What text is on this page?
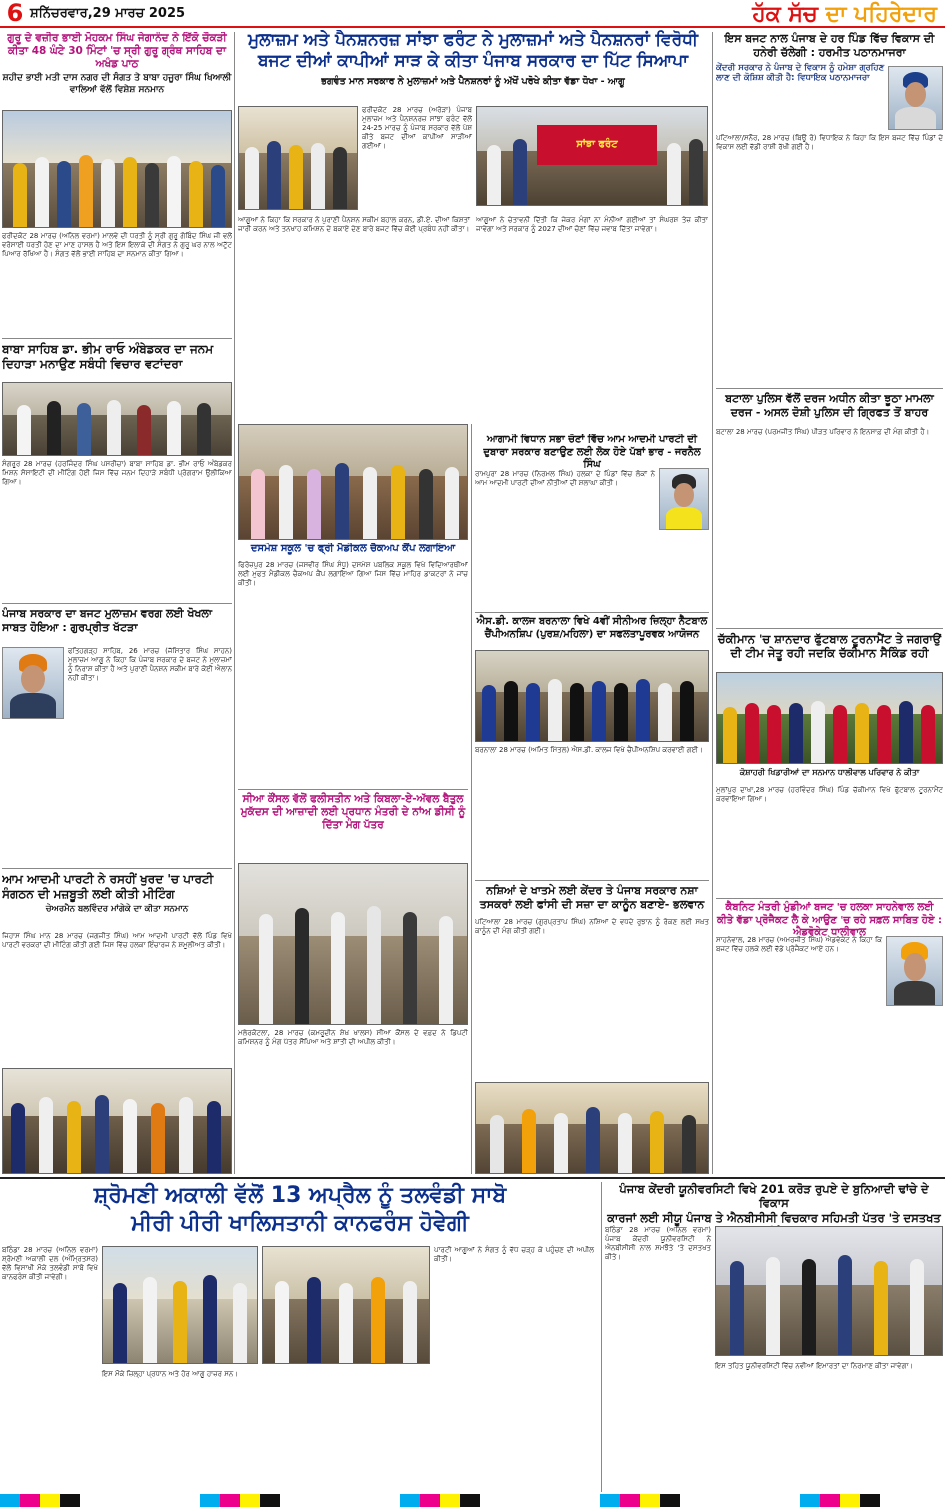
6 ਸ਼ਨਿੱਚਰਵਾਰ,29 ਮਾਰਚ 2025	ਹੱਕ ਸੱਚ ਦਾ ਪਹਿਰੇਦਾਰ
ਗੁਰੂ ਦੇ ਵਜ਼ੀਰ ਭਾਈ ਮੋਹਕਮ ਸਿੰਘ ਜੇਗਾਨੰਦ ਨੇ ਇੱਕੋ ਚੌਕੜੀ ਕੀਤਾ 48 ਘੰਟੇ 30 ਮਿੰਟਾਂ 'ਚ ਸ੍ਰੀ ਗੁਰੂ ਗ੍ਰੰਥ ਸਾਹਿਬ ਦਾ ਅਖੰਡ ਪਾਠ
ਸ਼ਹੀਦ ਭਾਈ ਮਤੀ ਦਾਸ ਨਗਰ ਦੀ ਸੰਗਤ ਤੇ ਬਾਬਾ ਹਜੂਰਾ ਸਿੰਘ ਖਿਆਲੀ ਵਾਲਿਆਂ ਵੱਲੋਂ ਵਿਸ਼ੇਸ਼ ਸਨਮਾਨ
ਫਰੀਦਕੋਟ 28 ਮਾਰਚ (ਅਨਿਲ ਵਰਮਾ) ਮਾਲਵੇ ਦੀ ਧਰਤੀ ਨੂੰ ਸ੍ਰੀ ਗੁਰੂ ਗੋਬਿੰਦ ਸਿੰਘ ਜੀ ਵਲੋਂ ਵਰੋਸਾਈ ਧਰਤੀ ਹੋਣ ਦਾ ਮਾਣ ਹਾਸਲ ਹੈ ਅਤੇ ਇਸ ਇਲਾਕੇ ਦੀ ਸੰਗਤ ਨੇ ਗੁਰੂ ਘਰ ਨਾਲ ਅਟੁੱਟ ਪਿਆਰ ਰੱਖਿਆ ਹੈ। ਸੰਗਤ ਵੱਲੋਂ ਭਾਈ ਸਾਹਿਬ ਦਾ ਸਨਮਾਨ ਕੀਤਾ ਗਿਆ।
ਬਾਬਾ ਸਾਹਿਬ ਡਾ. ਭੀਮ ਰਾਓ ਅੰਬੇਡਕਰ ਦਾ ਜਨਮ ਦਿਹਾੜਾ ਮਨਾਉਣ ਸਬੰਧੀ ਵਿਚਾਰ ਵਟਾਂਦਰਾ
ਸੰਗਰੂਰ 28 ਮਾਰਚ (ਹਰਜਿੰਦਰ ਸਿੰਘ ਪਸਰੀਚਾ) ਬਾਬਾ ਸਾਹਿਬ ਡਾ. ਭੀਮ ਰਾਓ ਅੰਬੇਡਕਰ ਮਿਸ਼ਨ ਸੋਸਾਇਟੀ ਦੀ ਮੀਟਿੰਗ ਹੋਈ ਜਿਸ ਵਿੱਚ ਜਨਮ ਦਿਹਾੜੇ ਸਬੰਧੀ ਪ੍ਰੋਗਰਾਮ ਉਲੀਕਿਆ ਗਿਆ।
ਪੰਜਾਬ ਸਰਕਾਰ ਦਾ ਬਜਟ ਮੁਲਾਜ਼ਮ ਵਰਗ ਲਈ ਖੋਖਲਾ ਸਾਬਤ ਹੋਇਆ : ਗੁਰਪ੍ਰੀਤ ਖੱਟੜਾ
ਫਤਿਹਗੜ੍ਹ ਸਾਹਿਬ, 26 ਮਾਰਚ (ਜੱਸਿਤਾਰ ਸਿੰਘ ਸਾਹਨ) ਮੁਲਾਜ਼ਮ ਆਗੂ ਨੇ ਕਿਹਾ ਕਿ ਪੰਜਾਬ ਸਰਕਾਰ ਦੇ ਬਜਟ ਨੇ ਮੁਲਾਜ਼ਮਾਂ ਨੂੰ ਨਿਰਾਸ਼ ਕੀਤਾ ਹੈ ਅਤੇ ਪੁਰਾਣੀ ਪੈਨਸ਼ਨ ਸਕੀਮ ਬਾਰੇ ਕੋਈ ਐਲਾਨ ਨਹੀਂ ਕੀਤਾ।
ਆਮ ਆਦਮੀ ਪਾਰਟੀ ਨੇ ਰਸਹੀਂ ਖੁਰਦ 'ਚ ਪਾਰਟੀ ਸੰਗਠਨ ਦੀ ਮਜ਼ਬੂਤੀ ਲਈ ਕੀਤੀ ਮੀਟਿੰਗ
ਚੇਅਰਮੈਨ ਬਲਵਿੰਦਰ ਮਾਂਗੇਕੇ ਦਾ ਕੀਤਾ ਸਨਮਾਨ
ਜਿਹਾਸ ਸਿੰਘ ਮਾਨ 28 ਮਾਰਚ (ਜਗਜੀਤ ਸਿੰਘ) ਆਮ ਆਦਮੀ ਪਾਰਟੀ ਵੱਲੋਂ ਪਿੰਡ ਵਿਖੇ ਪਾਰਟੀ ਵਰਕਰਾਂ ਦੀ ਮੀਟਿੰਗ ਕੀਤੀ ਗਈ ਜਿਸ ਵਿੱਚ ਹਲਕਾ ਇੰਚਾਰਜ ਨੇ ਸ਼ਮੂਲੀਅਤ ਕੀਤੀ।
ਮੁਲਾਜ਼ਮ ਅਤੇ ਪੈਨਸ਼ਨਰਜ਼ ਸਾਂਝਾ ਫਰੰਟ ਨੇ ਮੁਲਾਜ਼ਮਾਂ ਅਤੇ ਪੈਨਸ਼ਨਰਾਂ ਵਿਰੋਧੀ
ਬਜਟ ਦੀਆਂ ਕਾਪੀਆਂ ਸਾੜ ਕੇ ਕੀਤਾ ਪੰਜਾਬ ਸਰਕਾਰ ਦਾ ਪਿੱਟ ਸਿਆਪਾ
ਭਗਵੰਤ ਮਾਨ ਸਰਕਾਰ ਨੇ ਮੁਲਾਜ਼ਮਾਂ ਅਤੇ ਪੈਨਸ਼ਨਰਾਂ ਨੂੰ ਅੱਖੋਂ ਪਰੋਖੇ ਕੀਤਾ ਵੱਡਾ ਧੋਖਾ - ਆਗੂ
ਫਰੀਦਕੋਟ 28 ਮਾਰਚ (ਅਰੋੜਾ) ਪੰਜਾਬ ਮੁਲਾਜ਼ਮ ਅਤੇ ਪੈਨਸ਼ਨਰਜ਼ ਸਾਂਝਾ ਫਰੰਟ ਵੱਲੋਂ 24-25 ਮਾਰਚ ਨੂੰ ਪੰਜਾਬ ਸਰਕਾਰ ਵੱਲੋਂ ਪੇਸ਼ ਕੀਤੇ ਬਜਟ ਦੀਆਂ ਕਾਪੀਆਂ ਸਾੜੀਆਂ ਗਈਆਂ।	ਸਾਂਝਾ ਫਰੰਟ
ਆਗੂਆਂ ਨੇ ਕਿਹਾ ਕਿ ਸਰਕਾਰ ਨੇ ਪੁਰਾਣੀ ਪੈਨਸ਼ਨ ਸਕੀਮ ਬਹਾਲ ਕਰਨ, ਡੀ.ਏ. ਦੀਆਂ ਕਿਸ਼ਤਾਂ ਜਾਰੀ ਕਰਨ ਅਤੇ ਤਨਖਾਹ ਕਮਿਸ਼ਨ ਦੇ ਬਕਾਏ ਦੇਣ ਬਾਰੇ ਬਜਟ ਵਿੱਚ ਕੋਈ ਪ੍ਰਬੰਧ ਨਹੀਂ ਕੀਤਾ।
ਆਗੂਆਂ ਨੇ ਚੇਤਾਵਨੀ ਦਿੱਤੀ ਕਿ ਜੇਕਰ ਮੰਗਾਂ ਨਾ ਮੰਨੀਆਂ ਗਈਆਂ ਤਾਂ ਸੰਘਰਸ਼ ਤੇਜ਼ ਕੀਤਾ ਜਾਵੇਗਾ ਅਤੇ ਸਰਕਾਰ ਨੂੰ 2027 ਦੀਆਂ ਚੋਣਾਂ ਵਿੱਚ ਜਵਾਬ ਦਿੱਤਾ ਜਾਵੇਗਾ।
ਦਸਮੇਸ਼ ਸਕੂਲ 'ਚ ਫ੍ਰੀ ਮੈਡੀਕਲ ਚੈਕਅਪ ਕੈਂਪ ਲਗਾਇਆ
ਫਿਰੋਜ਼ਪੁਰ 28 ਮਾਰਚ (ਜਸਵੀਰ ਸਿੰਘ ਸੰਧੂ) ਦਸਮੇਸ਼ ਪਬਲਿਕ ਸਕੂਲ ਵਿਖੇ ਵਿਦਿਆਰਥੀਆਂ ਲਈ ਮੁਫਤ ਮੈਡੀਕਲ ਚੈਕਅਪ ਕੈਂਪ ਲਗਾਇਆ ਗਿਆ ਜਿਸ ਵਿੱਚ ਮਾਹਿਰ ਡਾਕਟਰਾਂ ਨੇ ਜਾਂਚ ਕੀਤੀ।
ਸੀਆ ਕੌਂਸਲ ਵੱਲੋਂ ਫਲੀਸਤੀਨ ਅਤੇ ਕਿਬਲਾ-ਏ-ਅੱਵਲ ਬੈਤੁਲ ਮੁਕੱਦਸ ਦੀ ਆਜ਼ਾਦੀ ਲਈ ਪ੍ਰਧਾਨ ਮੰਤਰੀ ਦੇ ਨਾਂਅ ਡੀਸੀ ਨੂੰ ਦਿੱਤਾ ਮੰਗ ਪੱਤਰ
ਮਲੇਰਕੋਟਲਾ, 28 ਮਾਰਚ (ਕਮਰੂਦੀਨ ਸ਼ੇਖ਼ ਖਾਲਸ) ਸੀਆ ਕੌਂਸਲ ਦੇ ਵਫ਼ਦ ਨੇ ਡਿਪਟੀ ਕਮਿਸ਼ਨਰ ਨੂੰ ਮੰਗ ਪੱਤਰ ਸੌਂਪਿਆ ਅਤੇ ਸ਼ਾਂਤੀ ਦੀ ਅਪੀਲ ਕੀਤੀ।
ਆਗਾਮੀ ਵਿਧਾਨ ਸਭਾ ਚੋਣਾਂ ਵਿੱਚ ਆਮ ਆਦਮੀ ਪਾਰਟੀ ਦੀ ਦੁਬਾਰਾ ਸਰਕਾਰ ਬਣਾਉਣ ਲਈ ਲੋਕ ਹੋਏ ਪੱਬਾਂ ਭਾਰ - ਜਰਨੈਲ ਸਿੰਘ
ਰਾਮਪੁਰਾ 28 ਮਾਰਚ (ਨਿਰਮਲ ਸਿੰਘ) ਹਲਕਾ ਦੇ ਪਿੰਡਾਂ ਵਿੱਚ ਲੋਕਾਂ ਨੇ ਆਮ ਆਦਮੀ ਪਾਰਟੀ ਦੀਆਂ ਨੀਤੀਆਂ ਦੀ ਸ਼ਲਾਘਾ ਕੀਤੀ।
ਐਸ.ਡੀ. ਕਾਲਜ ਬਰਨਾਲਾ ਵਿਖੇ 4ਵੀਂ ਸੀਨੀਅਰ ਜ਼ਿਲ੍ਹਾ ਨੈੱਟਬਾਲ ਚੈਂਪੀਅਨਸ਼ਿਪ (ਪੁਰਸ਼/ਮਹਿਲਾ) ਦਾ ਸਫਲਤਾਪੂਰਵਕ ਆਯੋਜਨ
ਬਰਨਾਲਾ 28 ਮਾਰਚ (ਅਮਿਤ ਮਿੱਤਲ) ਐਸ.ਡੀ. ਕਾਲਜ ਵਿਖੇ ਚੈਂਪੀਅਨਸ਼ਿਪ ਕਰਵਾਈ ਗਈ।
ਨਸ਼ਿਆਂ ਦੇ ਖਾਤਮੇ ਲਈ ਕੇਂਦਰ ਤੇ ਪੰਜਾਬ ਸਰਕਾਰ ਨਸ਼ਾ ਤਸਕਰਾਂ ਲਈ ਫਾਂਸੀ ਦੀ ਸਜ਼ਾ ਦਾ ਕਾਨੂੰਨ ਬਣਾਏ- ਭਲਵਾਨ
ਪਟਿਆਲਾ 28 ਮਾਰਚ (ਗੁਰਪ੍ਰਤਾਪ ਸਿੰਘ) ਨਸ਼ਿਆਂ ਦੇ ਵਧਦੇ ਰੁਝਾਨ ਨੂੰ ਰੋਕਣ ਲਈ ਸਖ਼ਤ ਕਾਨੂੰਨ ਦੀ ਮੰਗ ਕੀਤੀ ਗਈ।
ਇਸ ਬਜਟ ਨਾਲ ਪੰਜਾਬ ਦੇ ਹਰ ਪਿੰਡ ਵਿੱਚ ਵਿਕਾਸ ਦੀ ਹਨੇਰੀ ਚੱਲੇਗੀ : ਹਰਮੀਤ ਪਠਾਨਮਾਜਰਾ
ਕੇਂਦਰੀ ਸਰਕਾਰ ਨੇ ਪੰਜਾਬ ਦੇ ਵਿਕਾਸ ਨੂੰ ਹਮੇਸ਼ਾ ਗ੍ਰਹਿਣ ਲਾਣ ਦੀ ਕੋਸ਼ਿਸ਼ ਕੀਤੀ ਹੈ: ਵਿਧਾਇਕ ਪਠਾਨਮਾਜਰਾ
ਪਟਿਆਲਾ/ਸਨੌਰ, 28 ਮਾਰਚ (ਬਿਊ ਰੋ) ਵਿਧਾਇਕ ਨੇ ਕਿਹਾ ਕਿ ਇਸ ਬਜਟ ਵਿੱਚ ਪਿੰਡਾਂ ਦੇ ਵਿਕਾਸ ਲਈ ਵੱਡੀ ਰਾਸ਼ੀ ਰੱਖੀ ਗਈ ਹੈ।
ਬਟਾਲਾ ਪੁਲਿਸ ਵੱਲੋਂ ਦਰਜ ਅਧੀਨ ਕੀਤਾ ਝੂਠਾ ਮਾਮਲਾ ਦਰਜ - ਅਸਲ ਦੋਸ਼ੀ ਪੁਲਿਸ ਦੀ ਗ੍ਰਿਫਤ ਤੋਂ ਬਾਹਰ
ਬਟਾਲਾ 28 ਮਾਰਚ (ਪਰਮਜੀਤ ਸਿੰਘ) ਪੀੜਤ ਪਰਿਵਾਰ ਨੇ ਇਨਸਾਫ਼ ਦੀ ਮੰਗ ਕੀਤੀ ਹੈ।
ਚੱਕੀਮਾਨ 'ਚ ਸ਼ਾਨਦਾਰ ਫੁੱਟਬਾਲ ਟੂਰਨਾਮੈਂਟ ਤੇ ਜਗਰਾਉਂ ਦੀ ਟੀਮ ਜੇਤੂ ਰਹੀ ਜਦਕਿ ਚੱਕੀਮਾਨ ਸੈਕਿੰਡ ਰਹੀ
ਕੋਸ਼ਾਹਰੀ ਖਿਡਾਰੀਆਂ ਦਾ ਸਨਮਾਨ ਧਾਲੀਵਾਲ ਪਰਿਵਾਰ ਨੇ ਕੀਤਾ
ਮੁਲਾਂਪੁਰ ਦਾਖਾ,28 ਮਾਰਚ (ਹਰਵਿੰਦਰ ਸਿੰਘ) ਪਿੰਡ ਚੱਕੀਮਾਨ ਵਿਖੇ ਫੁੱਟਬਾਲ ਟੂਰਨਾਮੈਂਟ ਕਰਵਾਇਆ ਗਿਆ।
ਕੈਬਨਿਟ ਮੰਤਰੀ ਮੁੰਡੀਆਂ ਬਜਟ 'ਚ ਹਲਕਾ ਸਾਹਨੇਵਾਲ ਲਈ ਕੀਤੇ ਵੱਡਾ ਪ੍ਰੋਜੈਕਟ ਲੈ ਕੇ ਆਉਣ 'ਚ ਰਹੇ ਸਫ਼ਲ ਸਾਬਿਤ ਹੋਏ : ਐਡਵੋਕੇਟ ਧਾਲੀਵਾਲ
ਸਾਹਨੇਵਾਲ, 28 ਮਾਰਚ (ਅਮਰਜੀਤ ਸਿੰਘ) ਐਡਵੋਕੇਟ ਨੇ ਕਿਹਾ ਕਿ ਬਜਟ ਵਿੱਚ ਹਲਕੇ ਲਈ ਵੱਡੇ ਪ੍ਰੋਜੈਕਟ ਆਏ ਹਨ।
ਸ਼੍ਰੋਮਣੀ ਅਕਾਲੀ ਵੱਲੋਂ 13 ਅਪ੍ਰੈਲ ਨੂੰ ਤਲਵੰਡੀ ਸਾਬੋ
ਮੀਰੀ ਪੀਰੀ ਖਾਲਿਸਤਾਨੀ ਕਾਨਫਰੰਸ ਹੋਵੇਗੀ
ਬਠਿੰਡਾ 28 ਮਾਰਚ (ਅਨਿਲ ਵਰਮਾ) ਸ਼੍ਰੋਮਣੀ ਅਕਾਲੀ ਦਲ (ਅੰਮ੍ਰਿਤਸਰ) ਵੱਲੋਂ ਵਿਸਾਖੀ ਮੌਕੇ ਤਲਵੰਡੀ ਸਾਬੋ ਵਿਖੇ ਕਾਨਫਰੰਸ ਕੀਤੀ ਜਾਵੇਗੀ।
ਪਾਰਟੀ ਆਗੂਆਂ ਨੇ ਸੰਗਤ ਨੂੰ ਵੱਧ ਚੜ੍ਹ ਕੇ ਪਹੁੰਚਣ ਦੀ ਅਪੀਲ ਕੀਤੀ।
ਇਸ ਮੌਕੇ ਜ਼ਿਲ੍ਹਾ ਪ੍ਰਧਾਨ ਅਤੇ ਹੋਰ ਆਗੂ ਹਾਜ਼ਰ ਸਨ।
ਪੰਜਾਬ ਕੇਂਦਰੀ ਯੂਨੀਵਰਸਿਟੀ ਵਿਖੇ 201 ਕਰੋੜ ਰੁਪਏ ਦੇ ਬੁਨਿਆਦੀ ਢਾਂਚੇ ਦੇ ਵਿਕਾਸ
ਕਾਰਜਾਂ ਲਈ ਸੀਯੂ ਪੰਜਾਬ ਤੇ ਐਨਬੀਸੀਸੀ ਵਿਚਕਾਰ ਸਹਿਮਤੀ ਪੱਤਰ 'ਤੇ ਦਸਤਖਤ
ਬਠਿੰਡਾ 28 ਮਾਰਚ (ਅਨਿਲ ਵਰਮਾ) ਪੰਜਾਬ ਕੇਂਦਰੀ ਯੂਨੀਵਰਸਿਟੀ ਨੇ ਐਨਬੀਸੀਸੀ ਨਾਲ ਸਮਝੌਤੇ 'ਤੇ ਦਸਤਖਤ ਕੀਤੇ।
ਇਸ ਤਹਿਤ ਯੂਨੀਵਰਸਿਟੀ ਵਿੱਚ ਨਵੀਆਂ ਇਮਾਰਤਾਂ ਦਾ ਨਿਰਮਾਣ ਕੀਤਾ ਜਾਵੇਗਾ।
